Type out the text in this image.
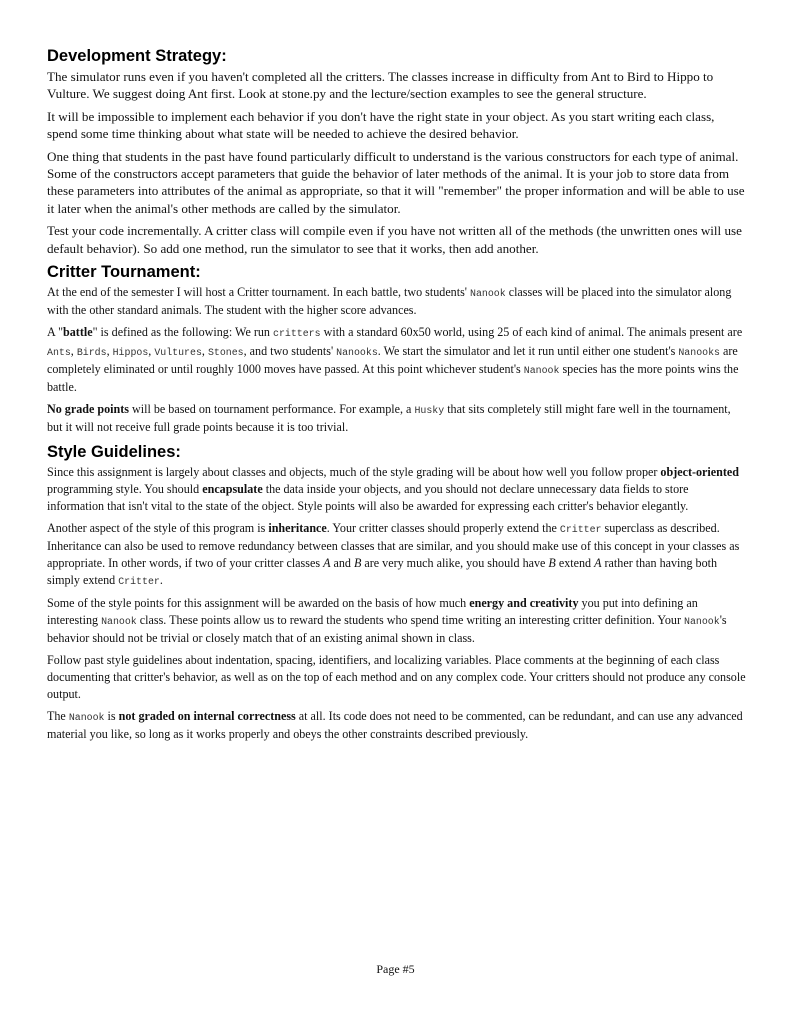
Development Strategy:

The simulator runs even if you haven't completed all the critters. The classes increase in difficulty from Ant to Bird to Hippo to Vulture. We suggest doing Ant first. Look at stone.py and the lecture/section examples to see the general structure.

It will be impossible to implement each behavior if you don't have the right state in your object. As you start writing each class, spend some time thinking about what state will be needed to achieve the desired behavior.

One thing that students in the past have found particularly difficult to understand is the various constructors for each type of animal. Some of the constructors accept parameters that guide the behavior of later methods of the animal. It is your job to store data from these parameters into attributes of the animal as appropriate, so that it will "remember" the proper information and will be able to use it later when the animal's other methods are called by the simulator.

Test your code incrementally. A critter class will compile even if you have not written all of the methods (the unwritten ones will use default behavior). So add one method, run the simulator to see that it works, then add another.

Critter Tournament:

At the end of the semester I will host a Critter tournament. In each battle, two students' Nanook classes will be placed into the simulator along with the other standard animals. The student with the higher score advances.

A "battle" is defined as the following: We run critters with a standard 60x50 world, using 25 of each kind of animal. The animals present are Ants, Birds, Hippos, Vultures, Stones, and two students' Nanooks. We start the simulator and let it run until either one student's Nanooks are completely eliminated or until roughly 1000 moves have passed. At this point whichever student's Nanook species has the more points wins the battle.

No grade points will be based on tournament performance. For example, a Husky that sits completely still might fare well in the tournament, but it will not receive full grade points because it is too trivial.

Style Guidelines:

Since this assignment is largely about classes and objects, much of the style grading will be about how well you follow proper object-oriented programming style. You should encapsulate the data inside your objects, and you should not declare unnecessary data fields to store information that isn't vital to the state of the object. Style points will also be awarded for expressing each critter's behavior elegantly.

Another aspect of the style of this program is inheritance. Your critter classes should properly extend the Critter superclass as described. Inheritance can also be used to remove redundancy between classes that are similar, and you should make use of this concept in your classes as appropriate. In other words, if two of your critter classes A and B are very much alike, you should have B extend A rather than having both simply extend Critter.

Some of the style points for this assignment will be awarded on the basis of how much energy and creativity you put into defining an interesting Nanook class. These points allow us to reward the students who spend time writing an interesting critter definition. Your Nanook's behavior should not be trivial or closely match that of an existing animal shown in class.

Follow past style guidelines about indentation, spacing, identifiers, and localizing variables. Place comments at the beginning of each class documenting that critter's behavior, as well as on the top of each method and on any complex code. Your critters should not produce any console output.

The Nanook is not graded on internal correctness at all. Its code does not need to be commented, can be redundant, and can use any advanced material you like, so long as it works properly and obeys the other constraints described previously.

Page #5
